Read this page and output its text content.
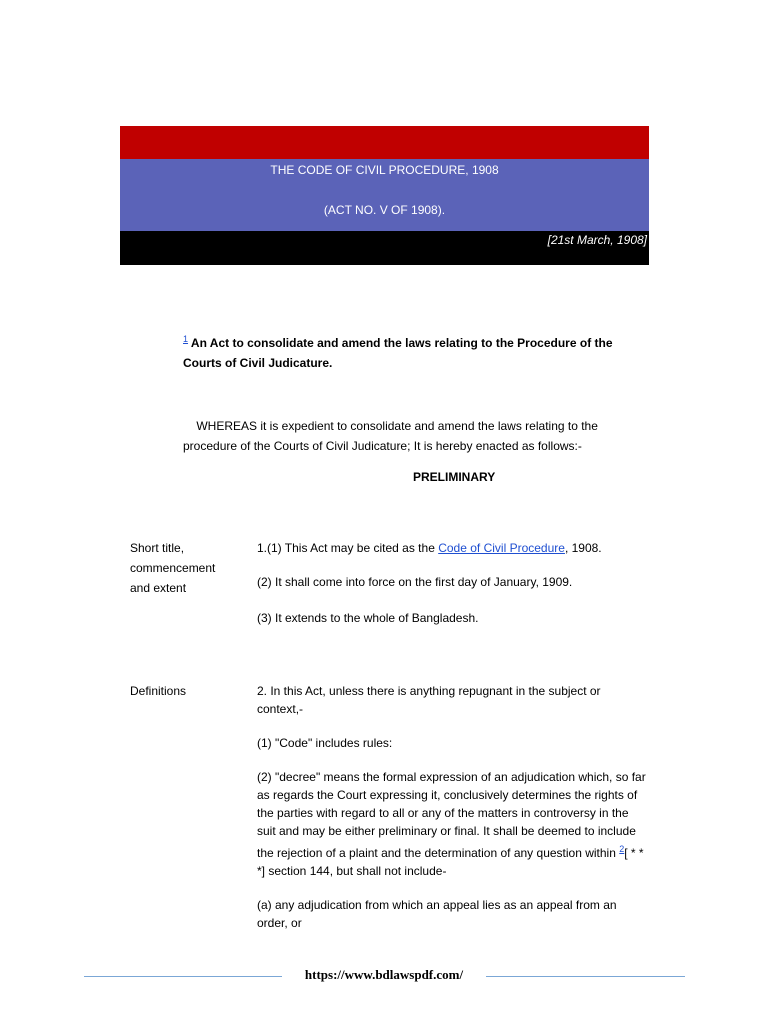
THE CODE OF CIVIL PROCEDURE, 1908
(ACT NO. V OF 1908).
[21st March, 1908]
$^1$ An Act to consolidate and amend the laws relating to the Procedure of the Courts of Civil Judicature.
WHEREAS it is expedient to consolidate and amend the laws relating to the procedure of the Courts of Civil Judicature; It is hereby enacted as follows:-
PRELIMINARY
Short title, commencement and extent
1.(1) This Act may be cited as the Code of Civil Procedure, 1908.
(2) It shall come into force on the first day of January, 1909.
(3) It extends to the whole of Bangladesh.
Definitions	2. In this Act, unless there is anything repugnant in the subject or context,-
(1) "Code" includes rules:
(2) "decree" means the formal expression of an adjudication which, so far as regards the Court expressing it, conclusively determines the rights of the parties with regard to all or any of the matters in controversy in the suit and may be either preliminary or final. It shall be deemed to include the rejection of a plaint and the determination of any question within $^2$[ * * *] section 144, but shall not include-
(a) any adjudication from which an appeal lies as an appeal from an order, or
https://www.bdlawspdf.com/
